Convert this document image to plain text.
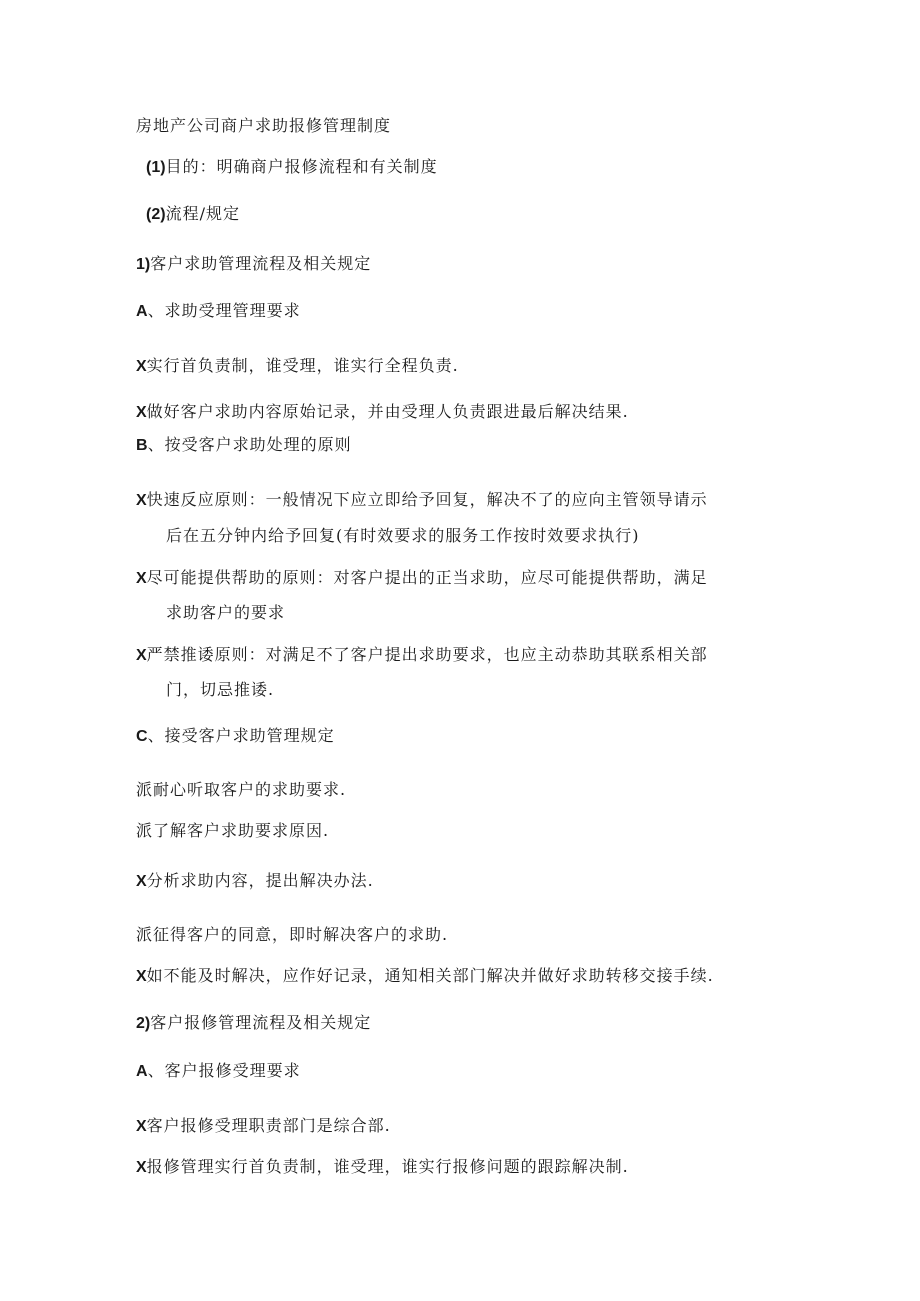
房地产公司商户求助报修管理制度
(1)目的：明确商户报修流程和有关制度
(2)流程/规定
1)客户求助管理流程及相关规定
A、求助受理管理要求
X实行首负责制，谁受理，谁实行全程负责.
X做好客户求助内容原始记录，并由受理人负责跟进最后解决结果.
B、按受客户求助处理的原则
X快速反应原则：一般情况下应立即给予回复，解决不了的应向主管领导请示
后在五分钟内给予回复(有时效要求的服务工作按时效要求执行)
X尽可能提供帮助的原则：对客户提出的正当求助，应尽可能提供帮助，满足
求助客户的要求
X严禁推诿原则：对满足不了客户提出求助要求，也应主动恭助其联系相关部
门，切忌推诿.
C、接受客户求助管理规定
派耐心听取客户的求助要求.
派了解客户求助要求原因.
X分析求助内容，提出解决办法.
派征得客户的同意，即时解决客户的求助.
X如不能及时解决，应作好记录，通知相关部门解决并做好求助转移交接手续.
2)客户报修管理流程及相关规定
A、客户报修受理要求
X客户报修受理职责部门是综合部.
X报修管理实行首负责制，谁受理，谁实行报修问题的跟踪解决制.
